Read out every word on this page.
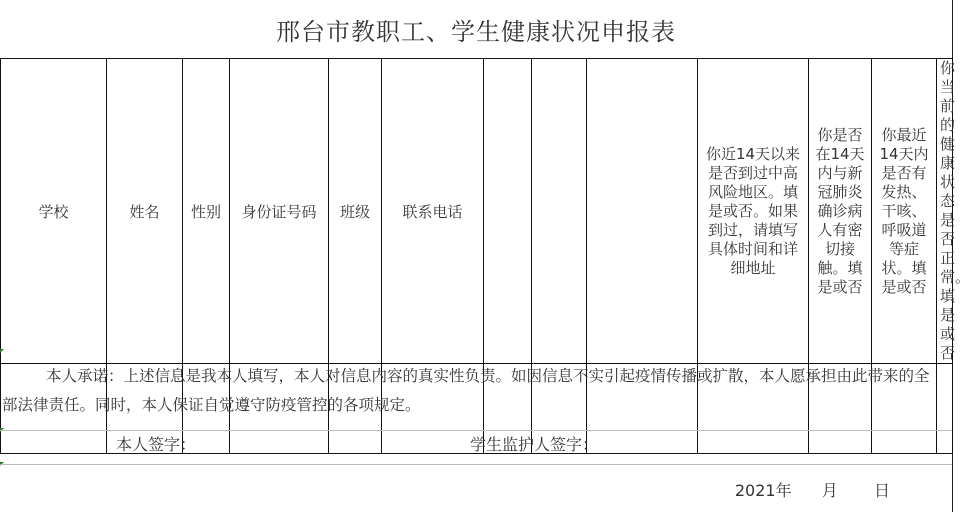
邢台市教职工、学生健康状况申报表
学校	姓名	性别	身份证号码	班级	联系电话				你近14天以来是否到过中高风险地区。填是或否。如果到过，请填写具体时间和详细地址	你是否在14天内与新冠肺炎确诊病人有密切接触。填是或否	你最近14天内是否有发热、干咳、呼吸道等症状。填是或否	你当前的健康状态是否正常。填是或否

本人承诺：上述信息是我本人填写，本人对信息内容的真实性负责。如因信息不实引起疫情传播或扩散，本人愿承担由此带来的全部法律责任。同时，本人保证自觉遵守防疫管控的各项规定。
本人签字：	学生监护人签字：
2021年 月 日
